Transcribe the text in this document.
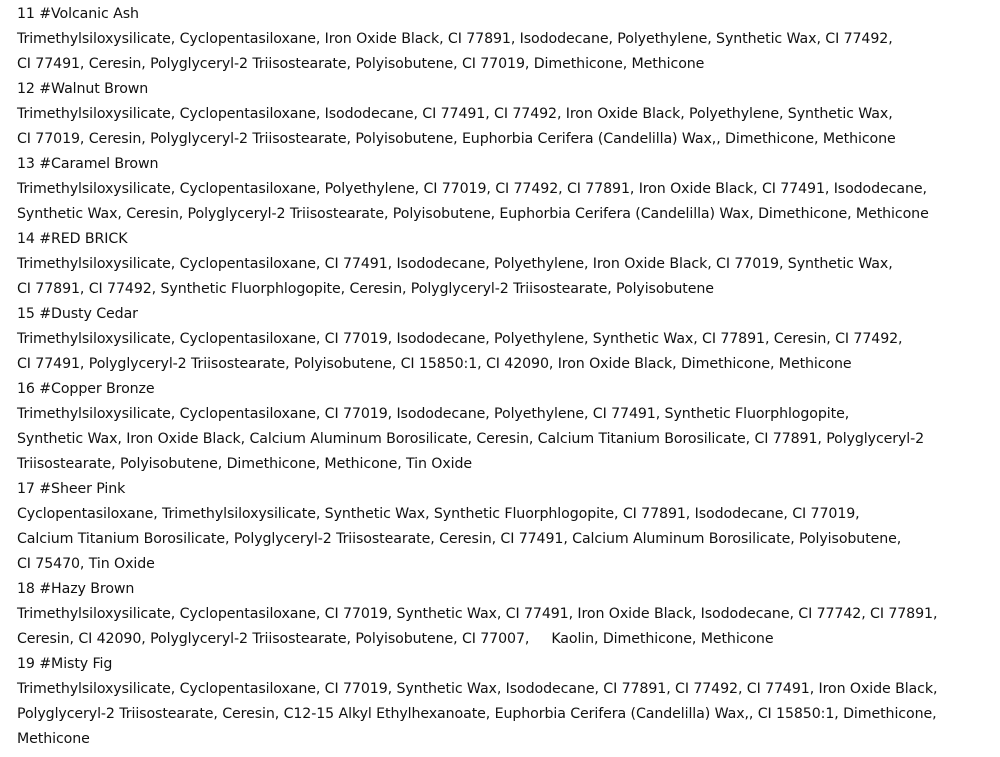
11 #Volcanic Ash
Trimethylsiloxysilicate, Cyclopentasiloxane, Iron Oxide Black, CI 77891, Isododecane, Polyethylene, Synthetic Wax, CI 77492,
CI 77491, Ceresin, Polyglyceryl-2 Triisostearate, Polyisobutene, CI 77019, Dimethicone, Methicone
12 #Walnut Brown
Trimethylsiloxysilicate, Cyclopentasiloxane, Isododecane, CI 77491, CI 77492, Iron Oxide Black, Polyethylene, Synthetic Wax,
CI 77019, Ceresin, Polyglyceryl-2 Triisostearate, Polyisobutene, Euphorbia Cerifera (Candelilla) Wax,, Dimethicone, Methicone
13 #Caramel Brown
Trimethylsiloxysilicate, Cyclopentasiloxane, Polyethylene, CI 77019, CI 77492, CI 77891, Iron Oxide Black, CI 77491, Isododecane,
Synthetic Wax, Ceresin, Polyglyceryl-2 Triisostearate, Polyisobutene, Euphorbia Cerifera (Candelilla) Wax, Dimethicone, Methicone
14 #RED BRICK
Trimethylsiloxysilicate, Cyclopentasiloxane, CI 77491, Isododecane, Polyethylene, Iron Oxide Black, CI 77019, Synthetic Wax,
CI 77891, CI 77492, Synthetic Fluorphlogopite, Ceresin, Polyglyceryl-2 Triisostearate, Polyisobutene
15 #Dusty Cedar
Trimethylsiloxysilicate, Cyclopentasiloxane, CI 77019, Isododecane, Polyethylene, Synthetic Wax, CI 77891, Ceresin, CI 77492,
CI 77491, Polyglyceryl-2 Triisostearate, Polyisobutene, CI 15850:1, CI 42090, Iron Oxide Black, Dimethicone, Methicone
16 #Copper Bronze
Trimethylsiloxysilicate, Cyclopentasiloxane, CI 77019, Isododecane, Polyethylene, CI 77491, Synthetic Fluorphlogopite,
Synthetic Wax, Iron Oxide Black, Calcium Aluminum Borosilicate, Ceresin, Calcium Titanium Borosilicate, CI 77891, Polyglyceryl-2
Triisostearate, Polyisobutene, Dimethicone, Methicone, Tin Oxide
17 #Sheer Pink
Cyclopentasiloxane, Trimethylsiloxysilicate, Synthetic Wax, Synthetic Fluorphlogopite, CI 77891, Isododecane, CI 77019,
Calcium Titanium Borosilicate, Polyglyceryl-2 Triisostearate, Ceresin, CI 77491, Calcium Aluminum Borosilicate, Polyisobutene,
CI 75470, Tin Oxide
18 #Hazy Brown
Trimethylsiloxysilicate, Cyclopentasiloxane, CI 77019, Synthetic Wax, CI 77491, Iron Oxide Black, Isododecane, CI 77742, CI 77891,
Ceresin, CI 42090, Polyglyceryl-2 Triisostearate, Polyisobutene, CI 77007,     Kaolin, Dimethicone, Methicone
19 #Misty Fig
Trimethylsiloxysilicate, Cyclopentasiloxane, CI 77019, Synthetic Wax, Isododecane, CI 77891, CI 77492, CI 77491, Iron Oxide Black,
Polyglyceryl-2 Triisostearate, Ceresin, C12-15 Alkyl Ethylhexanoate, Euphorbia Cerifera (Candelilla) Wax,, CI 15850:1, Dimethicone,
Methicone
